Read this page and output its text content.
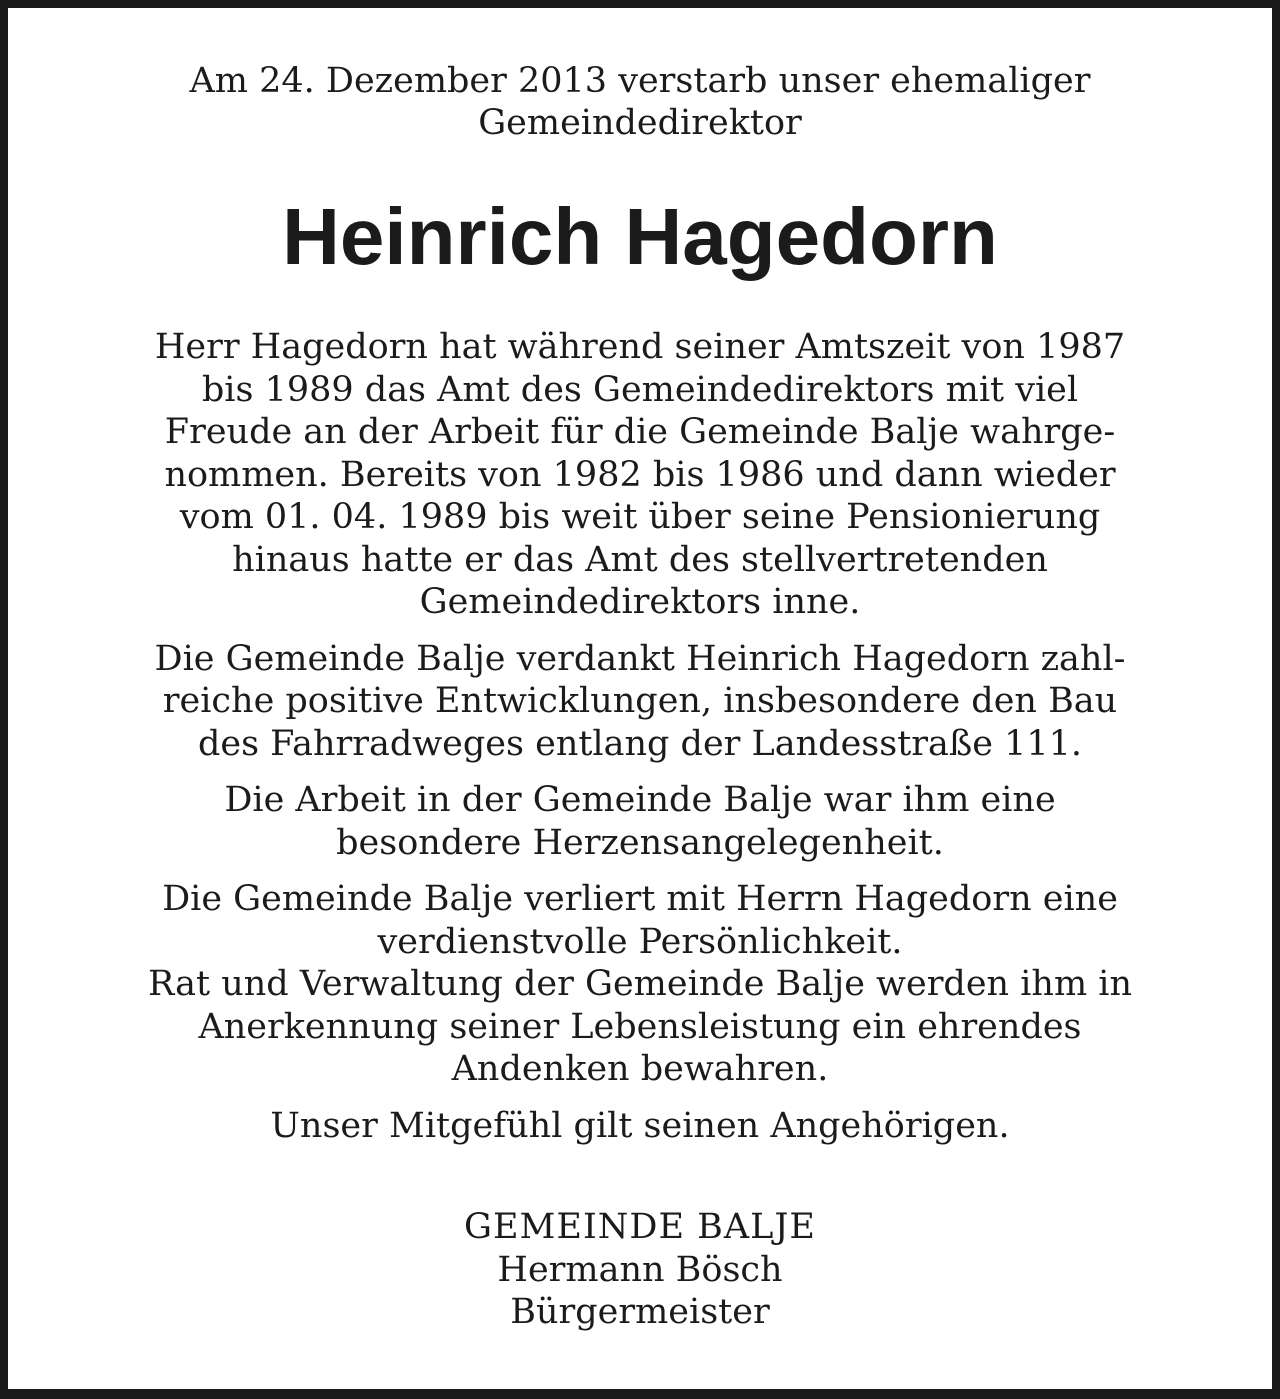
Am 24. Dezember 2013 verstarb unser ehemaliger
Gemeindedirektor
Heinrich Hagedorn

Herr Hagedorn hat während seiner Amtszeit von 1987
bis 1989 das Amt des Gemeindedirektors mit viel
Freude an der Arbeit für die Gemeinde Balje wahrge-
nommen. Bereits von 1982 bis 1986 und dann wieder
vom 01. 04. 1989 bis weit über seine Pensionierung
hinaus hatte er das Amt des stellvertretenden
Gemeindedirektors inne.

Die Gemeinde Balje verdankt Heinrich Hagedorn zahl-
reiche positive Entwicklungen, insbesondere den Bau
des Fahrradweges entlang der Landesstraße 111.

Die Arbeit in der Gemeinde Balje war ihm eine
besondere Herzensangelegenheit.

Die Gemeinde Balje verliert mit Herrn Hagedorn eine
verdienstvolle Persönlichkeit.
Rat und Verwaltung der Gemeinde Balje werden ihm in
Anerkennung seiner Lebensleistung ein ehrendes
Andenken bewahren.

Unser Mitgefühl gilt seinen Angehörigen.

GEMEINDE BALJE
Hermann Bösch
Bürgermeister
